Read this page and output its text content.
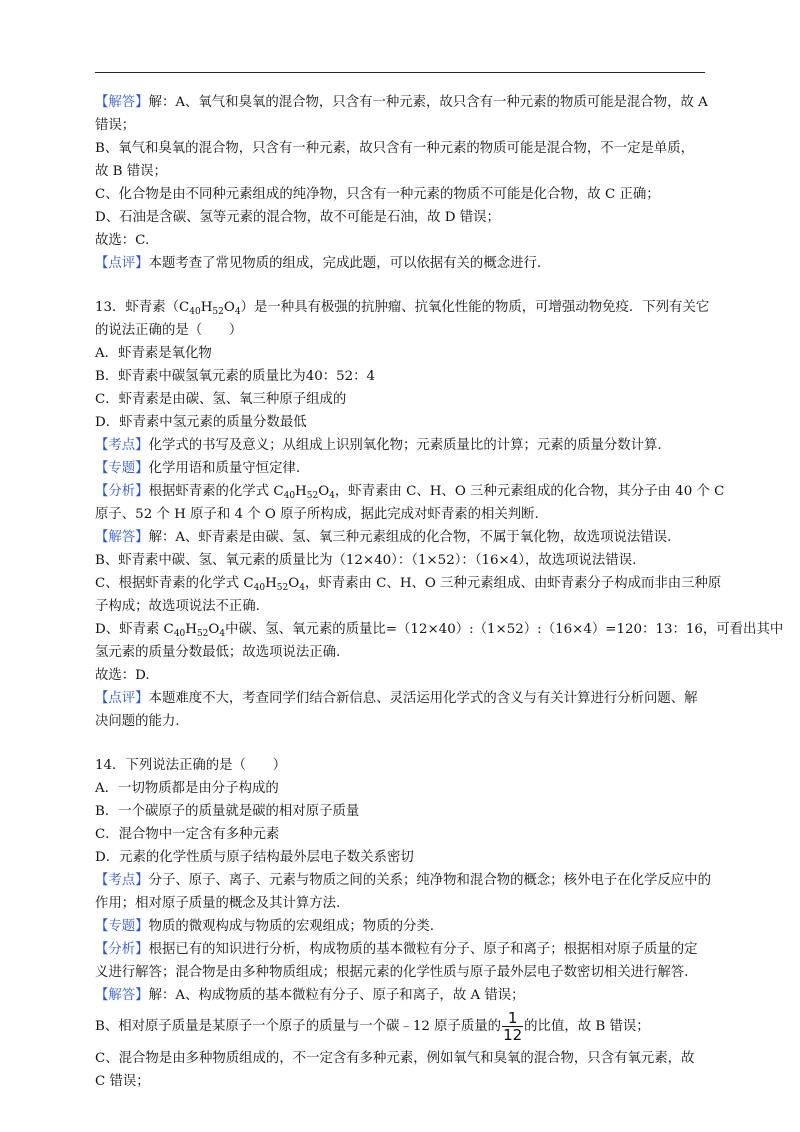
【解答】解：A、氧气和臭氧的混合物，只含有一种元素，故只含有一种元素的物质可能是混合物，故 A
错误；
B、氧气和臭氧的混合物，只含有一种元素，故只含有一种元素的物质可能是混合物，不一定是单质，
故 B 错误；
C、化合物是由不同种元素组成的纯净物，只含有一种元素的物质不可能是化合物，故 C 正确；
D、石油是含碳、氢等元素的混合物，故不可能是石油，故 D 错误；
故选：C.
【点评】本题考查了常见物质的组成，完成此题，可以依据有关的概念进行.
13．虾青素$(C_{40}H_{52}O_4)$是一种具有极强的抗肿瘤、抗氧化性能的物质，可增强动物免疫．下列有关它
的说法正确的是（　　）
A．虾青素是氧化物
B．虾青素中碳氢氧元素的质量比为40：52：4
C．虾青素是由碳、氢、氧三种原子组成的
D．虾青素中氢元素的质量分数最低
【考点】化学式的书写及意义；从组成上识别氧化物；元素质量比的计算；元素的质量分数计算.
【专题】化学用语和质量守恒定律.
【分析】根据虾青素的化学式 $C_{40}H_{52}O_4$，虾青素由 C、H、O 三种元素组成的化合物，其分子由 40 个 C
原子、52 个 H 原子和 4 个 O 原子所构成，据此完成对虾青素的相关判断.
【解答】解：A、虾青素是由碳、氢、氧三种元素组成的化合物，不属于氧化物，故选项说法错误.
B、虾青素中碳、氢、氧元素的质量比为（12×40）：（1×52）：（16×4），故选项说法错误.
C、根据虾青素的化学式 $C_{40}H_{52}O_4$，虾青素由 C、H、O 三种元素组成、由虾青素分子构成而非由三种原
子构成；故选项说法不正确.
D、虾青素 $C_{40}H_{52}O_4$中碳、氢、氧元素的质量比=（12×40）:（1×52）:（16×4）=120：13：16，可看出其中
氢元素的质量分数最低；故选项说法正确.
故选：D.
【点评】本题难度不大，考查同学们结合新信息、灵活运用化学式的含义与有关计算进行分析问题、解
决问题的能力.
14．下列说法正确的是（　　）
A．一切物质都是由分子构成的
B．一个碳原子的质量就是碳的相对原子质量
C．混合物中一定含有多种元素
D．元素的化学性质与原子结构最外层电子数关系密切
【考点】分子、原子、离子、元素与物质之间的关系；纯净物和混合物的概念；核外电子在化学反应中的
作用；相对原子质量的概念及其计算方法.
【专题】物质的微观构成与物质的宏观组成；物质的分类.
【分析】根据已有的知识进行分析，构成物质的基本微粒有分子、原子和离子；根据相对原子质量的定
义进行解答；混合物是由多种物质组成；根据元素的化学性质与原子最外层电子数密切相关进行解答.
【解答】解：A、构成物质的基本微粒有分子、原子和离子，故 A 错误；
B、相对原子质量是某原子一个原子的质量与一个碳﹣12 原子质量的 $\frac{1}{12}$ 的比值，故 B 错误；
C、混合物是由多种物质组成的，不一定含有多种元素，例如氧气和臭氧的混合物，只含有氧元素，故
C 错误；
